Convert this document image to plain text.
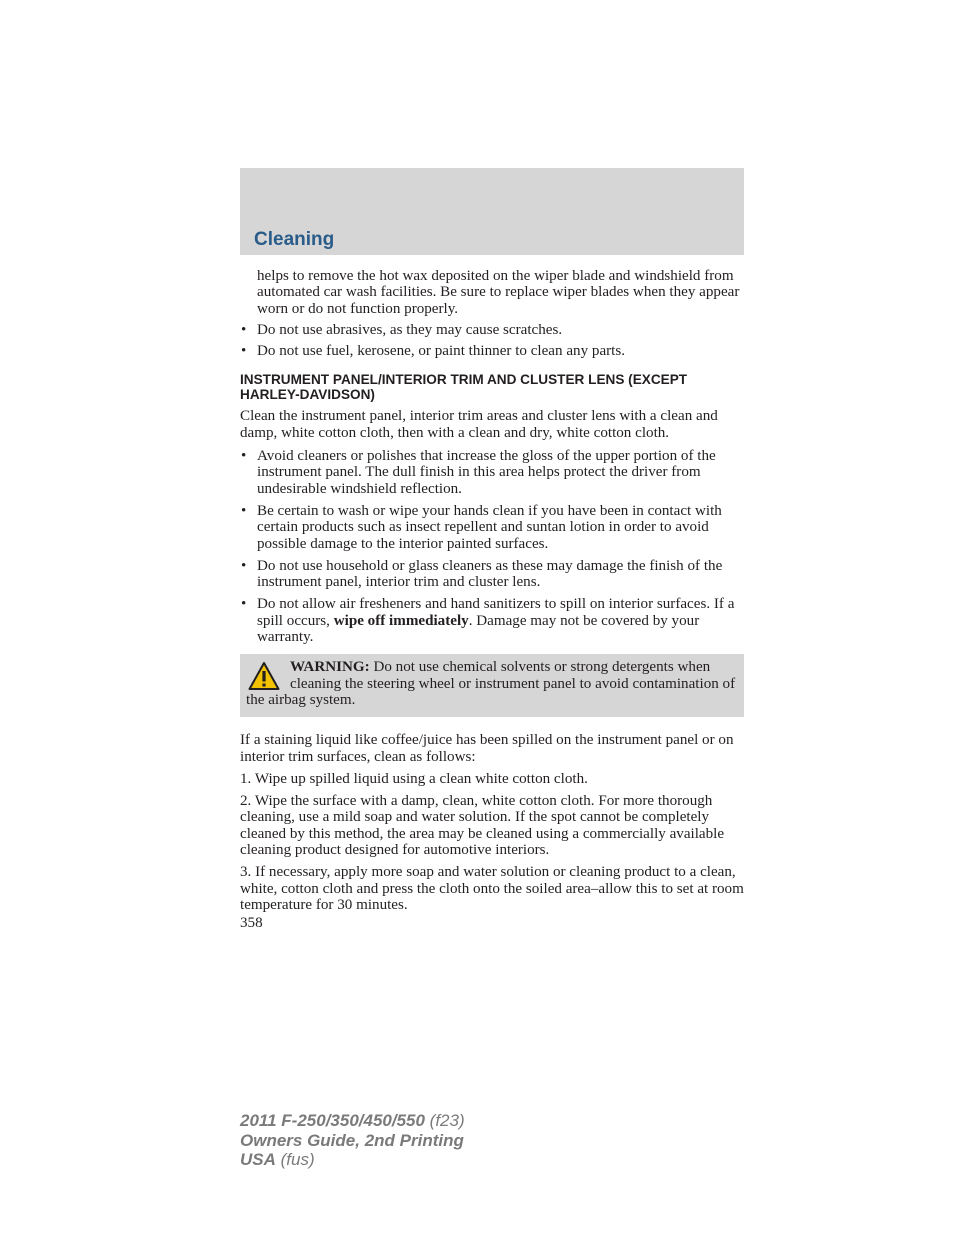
Cleaning

helps to remove the hot wax deposited on the wiper blade and windshield from automated car wash facilities. Be sure to replace wiper blades when they appear worn or do not function properly.

• Do not use abrasives, as they may cause scratches.
• Do not use fuel, kerosene, or paint thinner to clean any parts.

INSTRUMENT PANEL/INTERIOR TRIM AND CLUSTER LENS (EXCEPT HARLEY-DAVIDSON)

Clean the instrument panel, interior trim areas and cluster lens with a clean and damp, white cotton cloth, then with a clean and dry, white cotton cloth.

• Avoid cleaners or polishes that increase the gloss of the upper portion of the instrument panel. The dull finish in this area helps protect the driver from undesirable windshield reflection.
• Be certain to wash or wipe your hands clean if you have been in contact with certain products such as insect repellent and suntan lotion in order to avoid possible damage to the interior painted surfaces.
• Do not use household or glass cleaners as these may damage the finish of the instrument panel, interior trim and cluster lens.
• Do not allow air fresheners and hand sanitizers to spill on interior surfaces. If a spill occurs, wipe off immediately. Damage may not be covered by your warranty.
WARNING: Do not use chemical solvents or strong detergents when cleaning the steering wheel or instrument panel to avoid contamination of the airbag system.

If a staining liquid like coffee/juice has been spilled on the instrument panel or on interior trim surfaces, clean as follows:

1. Wipe up spilled liquid using a clean white cotton cloth.

2. Wipe the surface with a damp, clean, white cotton cloth. For more thorough cleaning, use a mild soap and water solution. If the spot cannot be completely cleaned by this method, the area may be cleaned using a commercially available cleaning product designed for automotive interiors.

3. If necessary, apply more soap and water solution or cleaning product to a clean, white, cotton cloth and press the cloth onto the soiled area–allow this to set at room temperature for 30 minutes.

358

2011 F-250/350/450/550 (f23)
Owners Guide, 2nd Printing
USA (fus)
